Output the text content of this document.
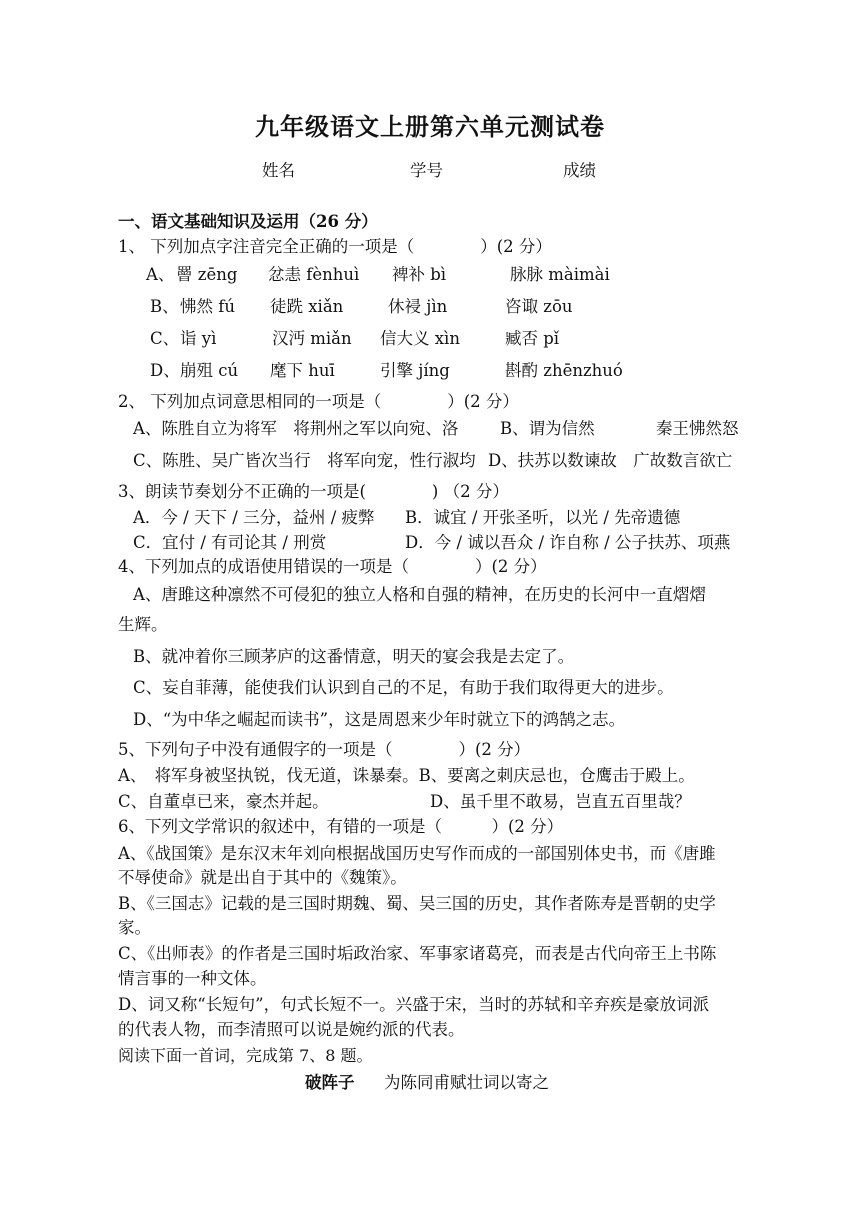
九年级语文上册第六单元测试卷
姓名	学号	成绩
一、语文基础知识及运用（26 分）
1、 下列加点字注音完全正确的一项是（　　　　）(2 分）
A、 罾 zēng 忿恚 fènhuì 裨补 bì	脉脉 màimài
B、 怫然 fú 徒跣 xiǎn	休祲 jìn	咨诹 zōu
C、 诣 yì	汉沔 miǎn 信大义 xìn	臧否 pǐ
D、 崩殂 cú 麾下 huī	引擎 jíng	斟酌 zhēnzhuó
2、 下列加点词意思相同的一项是（　　　　）(2 分）
A、陈胜自立为将军　将荆州之军以向宛、洛	B、谓为信然	秦王怫然怒
C、陈胜、吴广皆次当行　将军向宠，性行淑均 D、扶苏以数谏故　广故数言欲亡
3、朗读节奏划分不正确的一项是(　　　　) （2 分）
A．今 / 天下 / 三分，益州 / 疲弊 B．诚宜 / 开张圣听，以光 / 先帝遗德
C．宜付 / 有司论其 / 刑赏	D．今 / 诚以吾众 / 诈自称 / 公子扶苏、项燕
4、下列加点的成语使用错误的一项是（　　　　）(2 分）
A、唐雎这种凛然不可侵犯的独立人格和自强的精神，在历史的长河中一直熠熠
生辉。
B、就冲着你三顾茅庐的这番情意，明天的宴会我是去定了。
C、妄自菲薄，能使我们认识到自己的不足，有助于我们取得更大的进步。
D、“为中华之崛起而读书”，这是周恩来少年时就立下的鸿鹄之志。
5、下列句子中没有通假字的一项是（　　　　）(2 分）
A、　将军身被坚执锐，伐无道，诛暴秦。B、要离之刺庆忌也，仓鹰击于殿上。
C、自董卓已来，豪杰并起。	D、虽千里不敢易，岂直五百里哉？
6、下列文学常识的叙述中，有错的一项是（　　　）(2 分）
A、《战国策》是东汉末年刘向根据战国历史写作而成的一部国别体史书，而《唐雎
不辱使命》就是出自于其中的《魏策》。
B、《三国志》记载的是三国时期魏、蜀、吴三国的历史，其作者陈寿是晋朝的史学
家。
C、《出师表》的作者是三国时垢政治家、军事家诸葛亮，而表是古代向帝王上书陈
情言事的一种文体。
D、词又称“长短句”，句式长短不一。兴盛于宋，当时的苏轼和辛弃疾是豪放词派
的代表人物，而李清照可以说是婉约派的代表。
阅读下面一首词，完成第 7、8 题。
破阵子 为陈同甫赋壮词以寄之
